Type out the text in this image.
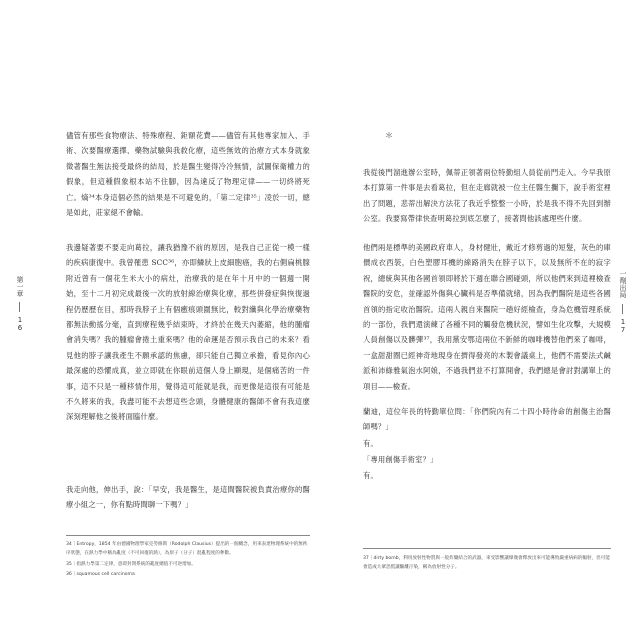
儘管有那些食物療法、特殊療程、鉅額花費——儘管有其他專家加入、手術、次要醫療選擇、藥物試驗與我救化療，這些無效的治療方式本身就象徵著醫生無法接受最終的結局，於是醫生變得冷冷無情，試圖保衛權力的假象，但這種假象根本站不住腳，因為違反了物理定律——一切終將死亡。熵³⁴本身這個必然的結果是不可避免的，「第二定律³⁵」凌於一切，總是如此，莊家絕不會輸。
我邊疑著要不要走向葛拉，讓我猶豫不前的原因，是我自己正從一模一樣的疾病康復中。我曾罹患 SCC³⁶，亦即鱗狀上皮細胞癌，我的右側扁桃腺附近曾有一個花生米大小的病灶，治療我的是在年十月中的一個週一開始，至十二月初完成最後一次的放射線治療與化療，那些併發症與恢復過程仍歷歷在目，那時我脖子上有個癒痕頭圍無比，較對纖與化學治療藥物都無法動搖分毫，直到療程幾乎結束時，才終於在幾天內萎縮，他的腫瘤會消失嗎？我的腫瘤會捲土重來嗎？他的命運是否預示我自己的未來？看見他的脖子讓我產生不願承認的焦慮，卻只能自己獨立承擔，看見你內心最深處的恐懼成真，並立即就在你眼前這個人身上顯現，是個痛苦的一件事，這不只是一種移情作用，覺得這可能就是我，而更像是這很有可能是不久將來的我，我盡可能不去想這些念頭，身體健康的醫師不會有我這麼深刻理解他之後將面臨什麼。
我走向他，伸出手，說：「早安，我是醫生，是這間醫院被負責治療你的醫療小組之一，你有點時間聊一下嗎？」
第一章
16
34｜Entropy，1854 年由德國物理學家克勞修斯（Rodolph Clausius）提出的一個概念，用來表達物理系統中的無秩序狀態，在熱力學中稱為亂度（不可回復的熱），為原子（分子）混亂程度的參數。
35｜指熱力學第二定律，意即封閉系統的亂度總值不可逆增加。
36｜squamous cell carcinoma
＊
我從後門溜進辦公室時，佩蒂正領著兩位特勤組人員從前門走入。今早我原本打算第一件事是去看葛拉，但在走廊就被一位主任醫生攔下，說手術室裡出了問題，悲蒂出解決方法花了我近乎整整一小時，於是我不得不先回到辦公室。我要寫帶律快查明葛拉到底怎麼了，接著問他該處理些什麼。
他們兩是標準的美國政府車人，身材健壯，戴近才修剪過的短髮，灰色的庫價成衣西裝，白色塑膠耳機的線路消失在脖子以下，以及無所不在的寂字祝，總統與其他各國首領即將於下週在聯合國碰頭，所以他們來到這裡檢查醫院的安危，並確認外傷與心臟科是否準備就緒，因為我們醫院是這些各國首領的指定收治醫院。這兩人親自來醫院一趟好經檢查，身為危機管理系統的一部份，我們還演練了各種不同的觸發危機狀況，譬如生化攻擊，大規模人員創傷以及髒彈³⁷，我用黨安鄂這兩位不新鮮的咖啡機替他們來了咖啡，一盒甜甜圈已經神奇地現身在擠得發亮的木製會議桌上，他們不需要法式鹹派和沛綠雅氣泡水阿娘，不過我們並不打算開會，我們總是會討對講單上的項目——檢查。
蘭迪，這位年長的特勤單位問：「你們院內有二十四小時待命的創傷主治醫師嗎？」
有。
「專用創傷手術室？」
有。
一劑出局
17
37｜dirty bomb，利用放射性物質與一般炸藥結合的武器，來受影響讓爆幾會釋放出來可能導致嚴重病病的輻射，但可能會造成大眾恐慌讓驅離汙染，稱為放射性分子。
